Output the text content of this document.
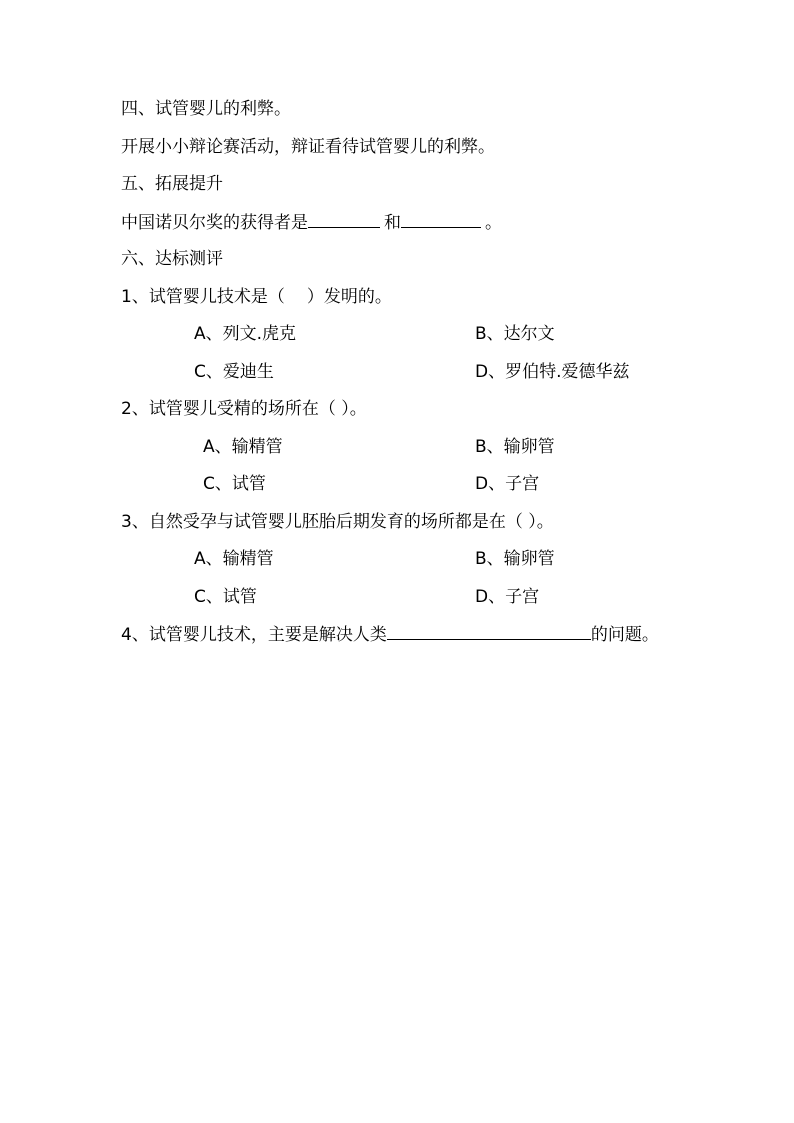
四、试管婴儿的利弊。
开展小小辩论赛活动，辩证看待试管婴儿的利弊。
五、拓展提升
中国诺贝尔奖的获得者是	和	。
六、达标测评
1、试管婴儿技术是（ ）发明的。
A、列文.虎克	B、达尔文
C、爱迪生	D、罗伯特.爱德华兹
2、试管婴儿受精的场所在（ ）。
A、输精管	B、输卵管
C、试管	D、子宫
3、自然受孕与试管婴儿胚胎后期发育的场所都是在（ ）。
A、输精管	B、输卵管
C、试管	D、子宫
4、试管婴儿技术，主要是解决人类	的问题。
